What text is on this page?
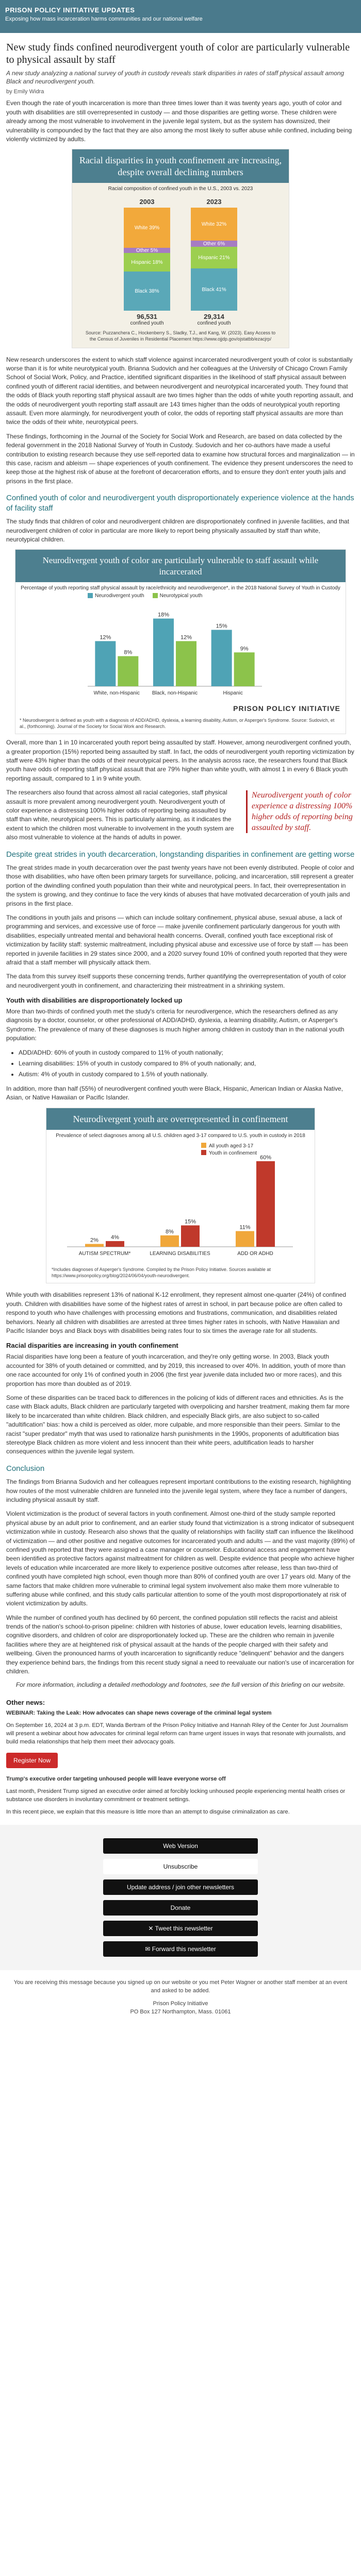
PRISON POLICY INITIATIVE UPDATES
Exposing how mass incarceration harms communities and our national welfare
New study finds confined neurodivergent youth of color are particularly vulnerable to physical assault by staff
A new study analyzing a national survey of youth in custody reveals stark disparities in rates of staff physical assault among Black and neurodivergent youth.
by Emily Widra

Even though the rate of youth incarceration is more than three times lower than it was twenty years ago, youth of color and youth with disabilities are still overrepresented in custody — and those disparities are getting worse. These children were already among the most vulnerable to involvement in the juvenile legal system, but as the system has downsized, their vulnerability is compounded by the fact that they are also among the most likely to suffer abuse while confined, including being violently victimized by adults.

Racial disparities in youth confinement are increasing, despite overall declining numbers
Racial composition of confined youth in the U.S., 2003 vs. 2023
2003
White 39%
Other 5%
Hispanic 18%
Black 38%
96,531
confined youth
2023
White 32%
Other 6%
Hispanic 21%
Black 41%
29,314
confined youth
Source: Puzzanchera C., Hockenberry S., Sladky, T.J., and Kang, W. (2023). Easy Access to the Census of Juveniles in Residential Placement https://www.ojjdp.gov/ojstatbb/ezacjrp/

New research underscores the extent to which staff violence against incarcerated neurodivergent youth of color is substantially worse than it is for white neurotypical youth. Brianna Sudovich and her colleagues at the University of Chicago Crown Family School of Social Work, Policy, and Practice, identified significant disparities in the likelihood of staff physical assault between confined youth of different racial identities, and between neurodivergent and neurotypical incarcerated youth. They found that the odds of Black youth reporting staff physical assault are two times higher than the odds of white youth reporting assault, and the odds of neurodivergent youth reporting staff assault are 143 times higher than the odds of neurotypical youth reporting assault. Even more alarmingly, for neurodivergent youth of color, the odds of reporting staff physical assaults are more than twice the odds of their white, neurotypical peers.

These findings, forthcoming in the Journal of the Society for Social Work and Research, are based on data collected by the federal government in the 2018 National Survey of Youth in Custody. Sudovich and her co-authors have made a useful contribution to existing research because they use self-reported data to examine how structural forces and marginalization — in this case, racism and ableism — shape experiences of youth confinement. The evidence they present underscores the need to keep those at the highest risk of abuse at the forefront of decarceration efforts, and to ensure they don't enter youth jails and prisons in the first place.

Confined youth of color and neurodivergent youth disproportionately experience violence at the hands of facility staff

The study finds that children of color and neurodivergent children are disproportionately confined in juvenile facilities, and that neurodivergent children of color in particular are more likely to report being physically assaulted by staff than white, neurotypical children.

Neurodivergent youth of color are particularly vulnerable to staff assault while incarcerated
Percentage of youth reporting staff physical assault by race/ethnicity and neurodivergence*, in the 2018 National Survey of Youth in Custody
Neurodivergent youth	Neurotypical youth
12%
8%
White, non-Hispanic
18%
12%
Black, non-Hispanic
15%
9%
Hispanic
PRISON POLICY INITIATIVE
* Neurodivergent is defined as youth with a diagnosis of ADD/ADHD, dyslexia, a learning disability, Autism, or Asperger's Syndrome. Source: Sudovich, et al., (forthcoming). Journal of the Society for Social Work and Research.

Overall, more than 1 in 10 incarcerated youth report being assaulted by staff. However, among neurodivergent confined youth, a greater proportion (15%) reported being assaulted by staff. In fact, the odds of neurodivergent youth reporting victimization by staff were 43% higher than the odds of their neurotypical peers. In the analysis across race, the researchers found that Black youth have odds of reporting staff physical assault that are 79% higher than white youth, with almost 1 in every 6 Black youth reporting assault, compared to 1 in 9 white youth.

Neurodivergent youth of color experience a distressing 100% higher odds of reporting being assaulted by staff.

The researchers also found that across almost all racial categories, staff physical assault is more prevalent among neurodivergent youth. Neurodivergent youth of color experience a distressing 100% higher odds of reporting being assaulted by staff than white, neurotypical peers. This is particularly alarming, as it indicates the extent to which the children most vulnerable to involvement in the youth system are also most vulnerable to violence at the hands of adults in power.

Despite great strides in youth decarceration, longstanding disparities in confinement are getting worse

The great strides made in youth decarceration over the past twenty years have not been evenly distributed. People of color and those with disabilities, who have often been primary targets for surveillance, policing, and incarceration, still represent a greater portion of the dwindling confined youth population than their white and neurotypical peers. In fact, their overrepresentation in the system is growing, and they continue to face the very kinds of abuses that have motivated decarceration of youth jails and prisons in the first place.

The conditions in youth jails and prisons — which can include solitary confinement, physical abuse, sexual abuse, a lack of programming and services, and excessive use of force — make juvenile confinement particularly dangerous for youth with disabilities, especially untreated mental and behavioral health concerns. Overall, confined youth face exceptional risk of victimization by facility staff: systemic maltreatment, including physical abuse and excessive use of force by staff — has been reported in juvenile facilities in 29 states since 2000, and a 2020 survey found 10% of confined youth reported that they were afraid that a staff member will physically attack them.

The data from this survey itself supports these concerning trends, further quantifying the overrepresentation of youth of color and neurodivergent youth in confinement, and characterizing their mistreatment in a shrinking system.

Youth with disabilities are disproportionately locked up

More than two-thirds of confined youth met the study's criteria for neurodivergence, which the researchers defined as any diagnosis by a doctor, counselor, or other professional of ADD/ADHD, dyslexia, a learning disability, Autism, or Asperger's Syndrome. The prevalence of many of these diagnoses is much higher among children in custody than in the national youth population:

• ADD/ADHD: 60% of youth in custody compared to 11% of youth nationally;
• Learning disabilities: 15% of youth in custody compared to 8% of youth nationally; and,
• Autism: 4% of youth in custody compared to 1.5% of youth nationally.

In addition, more than half (55%) of neurodivergent confined youth were Black, Hispanic, American Indian or Alaska Native, Asian, or Native Hawaiian or Pacific Islander.

Neurodivergent youth are overrepresented in confinement
Prevalence of select diagnoses among all U.S. children aged 3-17 compared to U.S. youth in custody in 2018
2% 4%
AUTISM SPECTRUM*
8%
15%
LEARNING DISABILITIES
11%
60%
ADD OR ADHD
All youth aged 3-17
Youth in confinement
*Includes diagnoses of Asperger's Syndrome. Compiled by the Prison Policy Initiative. Sources available at https://www.prisonpolicy.org/blog/2024/06/04/youth-neurodivergent.

While youth with disabilities represent 13% of national K-12 enrollment, they represent almost one-quarter (24%) of confined youth. Children with disabilities have some of the highest rates of arrest in school, in part because police are often called to respond to youth who have challenges with processing emotions and frustrations, communication, and disabilities related behaviors. Nearly all children with disabilities are arrested at three times higher rates in schools, with Native Hawaiian and Pacific Islander boys and Black boys with disabilities being rates four to six times the average rate for all students.

Racial disparities are increasing in youth confinement

Racial disparities have long been a feature of youth incarceration, and they're only getting worse. In 2003, Black youth accounted for 38% of youth detained or committed, and by 2019, this increased to over 40%. In addition, youth of more than one race accounted for only 1% of confined youth in 2006 (the first year juvenile data included two or more races), and this proportion has more than doubled as of 2019.

Some of these disparities can be traced back to differences in the policing of kids of different races and ethnicities. As is the case with Black adults, Black children are particularly targeted with overpolicing and harsher treatment, making them far more likely to be incarcerated than white children. Black children, and especially Black girls, are also subject to so-called "adultification" bias: how a child is perceived as older, more culpable, and more responsible than their peers. Similar to the racist "super predator" myth that was used to rationalize harsh punishments in the 1990s, proponents of adultification bias stereotype Black children as more violent and less innocent than their white peers, adultification leads to harsher consequences within the juvenile legal system.

Conclusion

The findings from Brianna Sudovich and her colleagues represent important contributions to the existing research, highlighting how routes of the most vulnerable children are funneled into the juvenile legal system, where they face a number of dangers, including physical assault by staff.

Violent victimization is the product of several factors in youth confinement. Almost one-third of the study sample reported physical abuse by an adult prior to confinement, and an earlier study found that victimization is a strong indicator of subsequent victimization while in custody. Research also shows that the quality of relationships with facility staff can influence the likelihood of victimization — and other positive and negative outcomes for incarcerated youth and adults — and the vast majority (89%) of confined youth reported that they were assigned a case manager or counselor. Educational access and engagement have been identified as protective factors against maltreatment for children as well. Despite evidence that people who achieve higher levels of education while incarcerated are more likely to experience positive outcomes after release, less than two-third of confined youth have completed high school, even though more than 80% of confined youth are over 17 years old. Many of the same factors that make children more vulnerable to criminal legal system involvement also make them more vulnerable to suffering abuse while confined, and this study calls particular attention to some of the youth most disproportionately at risk of violent victimization by adults.

While the number of confined youth has declined by 60 percent, the confined population still reflects the racist and ableist trends of the nation's school-to-prison pipeline: children with histories of abuse, lower education levels, learning disabilities, cognitive disorders, and children of color are disproportionately locked up. These are the children who remain in juvenile facilities where they are at heightened risk of physical assault at the hands of the people charged with their safety and wellbeing. Given the pronounced harms of youth incarceration to significantly reduce "delinquent" behavior and the dangers they experience behind bars, the findings from this recent study signal a need to reevaluate our nation's use of incarceration for children.

For more information, including a detailed methodology and footnotes, see the full version of this briefing on our website.
Other news:

WEBINAR: Taking the Leak: How advocates can shape news coverage of the criminal legal system

On September 16, 2024 at 3 p.m. EDT, Wanda Bertram of the Prison Policy Initiative and Hannah Riley of the Center for Just Journalism will present a webinar about how advocates for criminal legal reform can frame urgent issues in ways that resonate with journalists, and build media relationships that help them meet their advocacy goals.

Register Now

Trump's executive order targeting unhoused people will leave everyone worse off

Last month, President Trump signed an executive order aimed at forcibly locking unhoused people experiencing mental health crises or substance use disorders in involuntary commitment or treatment settings.

In this recent piece, we explain that this measure is little more than an attempt to disguise criminalization as care.

Web Version
Unsubscribe
Update address / join other newsletters
Donate
✕ Tweet this newsletter
✉ Forward this newsletter
You are receiving this message because you signed up on our website or you met Peter Wagner or another staff member at an event and asked to be added.
Prison Policy Initiative
PO Box 127 Northampton, Mass. 01061
